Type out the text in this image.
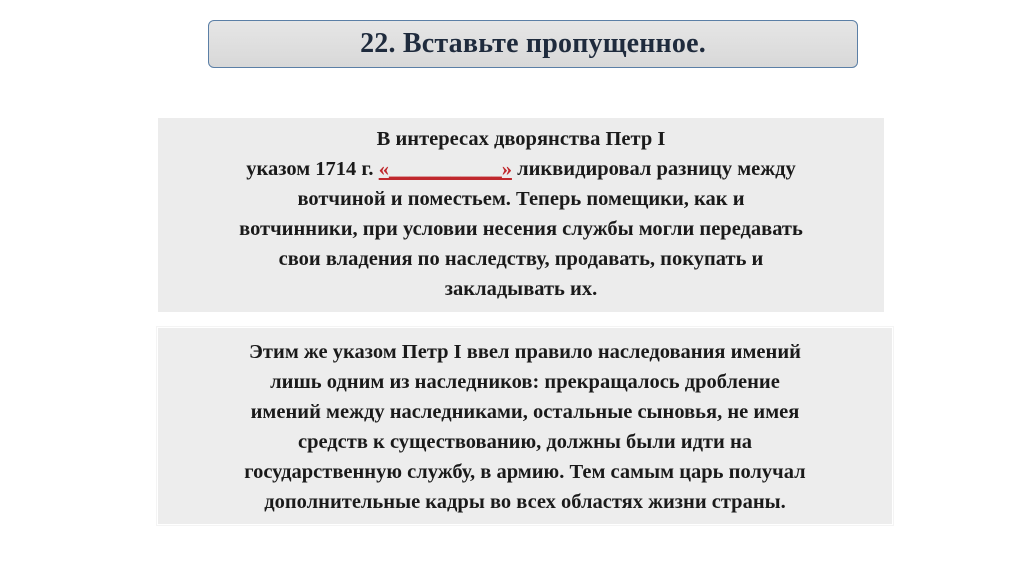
22. Вставьте пропущенное.
В интересах дворянства Петр I
указом 1714 г. «___________» ликвидировал разницу между
вотчиной и поместьем. Теперь помещики, как и
вотчинники, при условии несения службы могли передавать
свои владения по наследству, продавать, покупать и
закладывать их.
Этим же указом Петр I ввел правило наследования имений
лишь одним из наследников: прекращалось дробление
имений между наследниками, остальные сыновья, не имея
средств к существованию, должны были идти на
государственную службу, в армию. Тем самым царь получал
дополнительные кадры во всех областях жизни страны.
